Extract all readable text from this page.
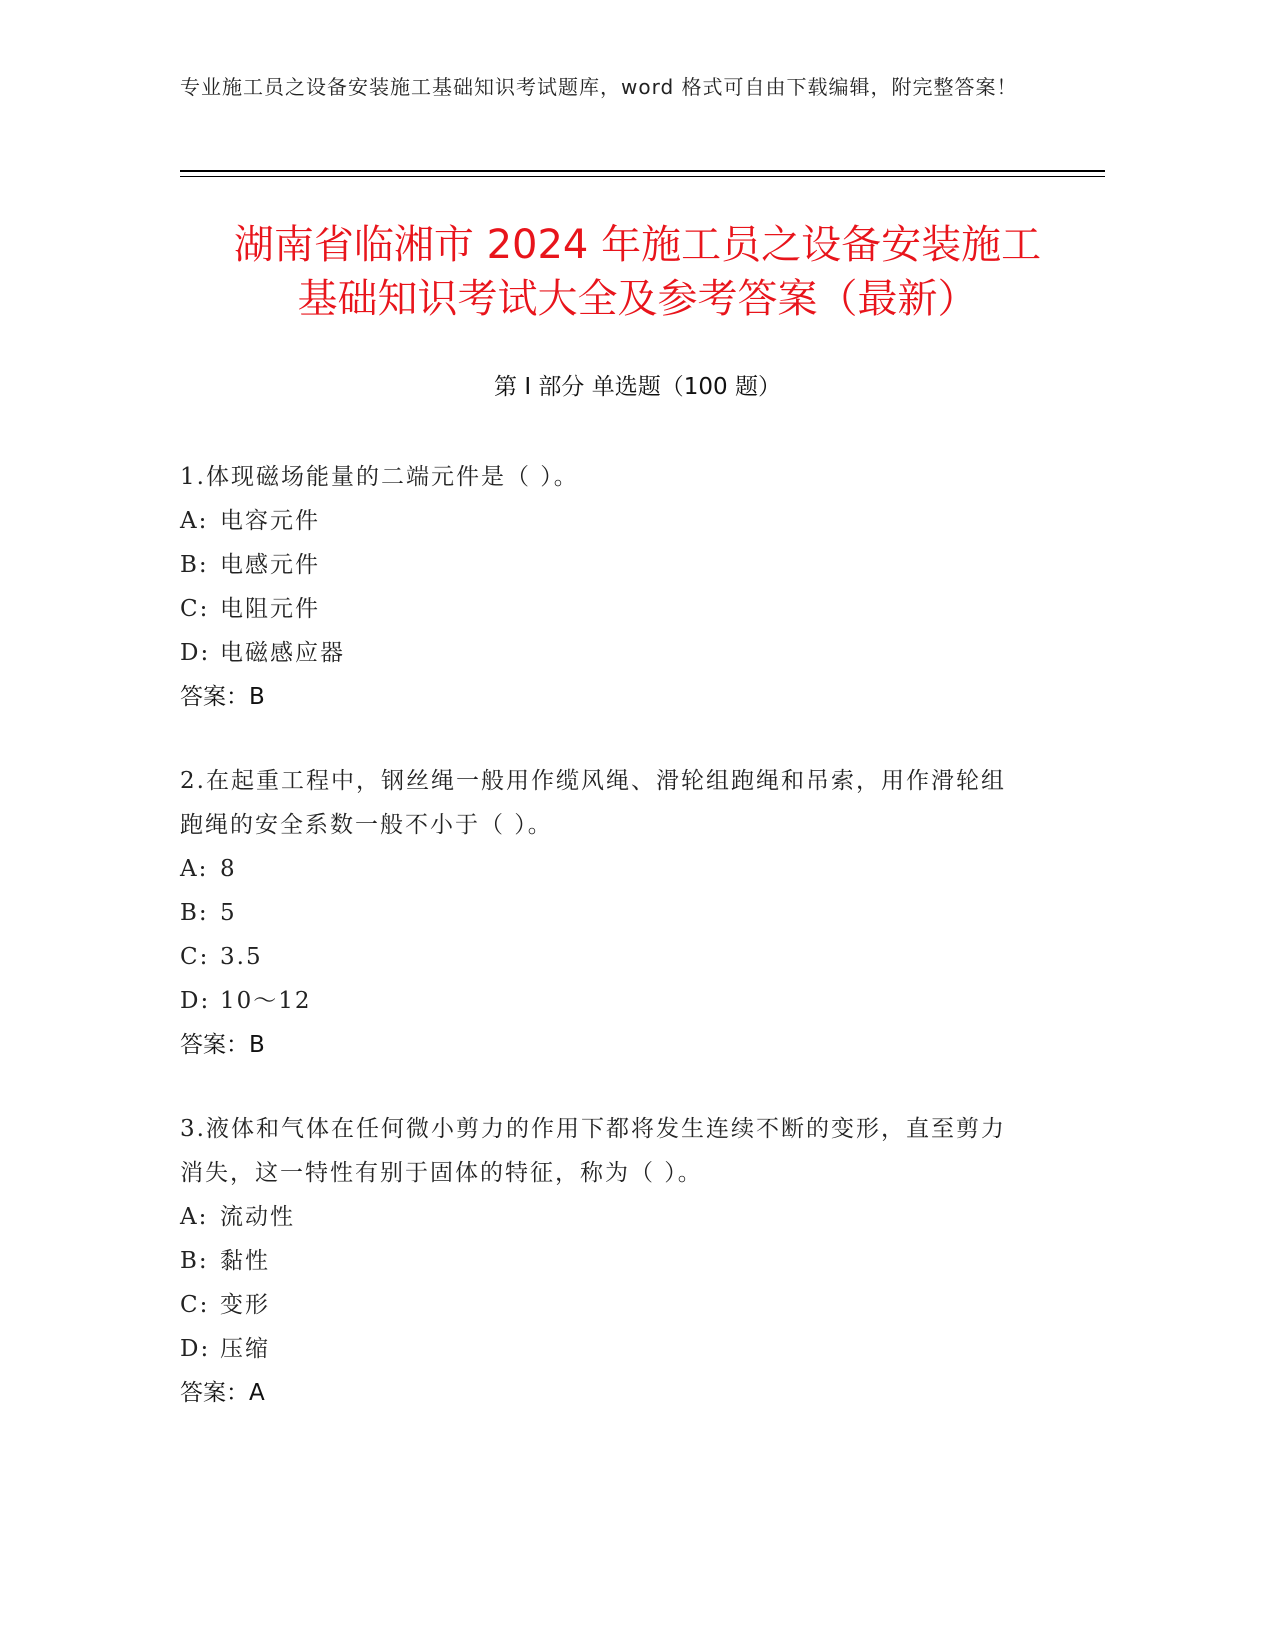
专业施工员之设备安装施工基础知识考试题库，word 格式可自由下载编辑，附完整答案！
湖南省临湘市 2024 年施工员之设备安装施工
基础知识考试大全及参考答案（最新）
第 I 部分 单选题（100 题）
1.体现磁场能量的二端元件是（ ）。
A: 电容元件
B: 电感元件
C: 电阻元件
D: 电磁感应器
答案：B
2.在起重工程中，钢丝绳一般用作缆风绳、滑轮组跑绳和吊索，用作滑轮组跑绳的安全系数一般不小于（ ）。
A: 8
B: 5
C: 3.5
D: 10～12
答案：B
3.液体和气体在任何微小剪力的作用下都将发生连续不断的变形，直至剪力消失，这一特性有别于固体的特征，称为（ ）。
A: 流动性
B: 黏性
C: 变形
D: 压缩
答案：A
